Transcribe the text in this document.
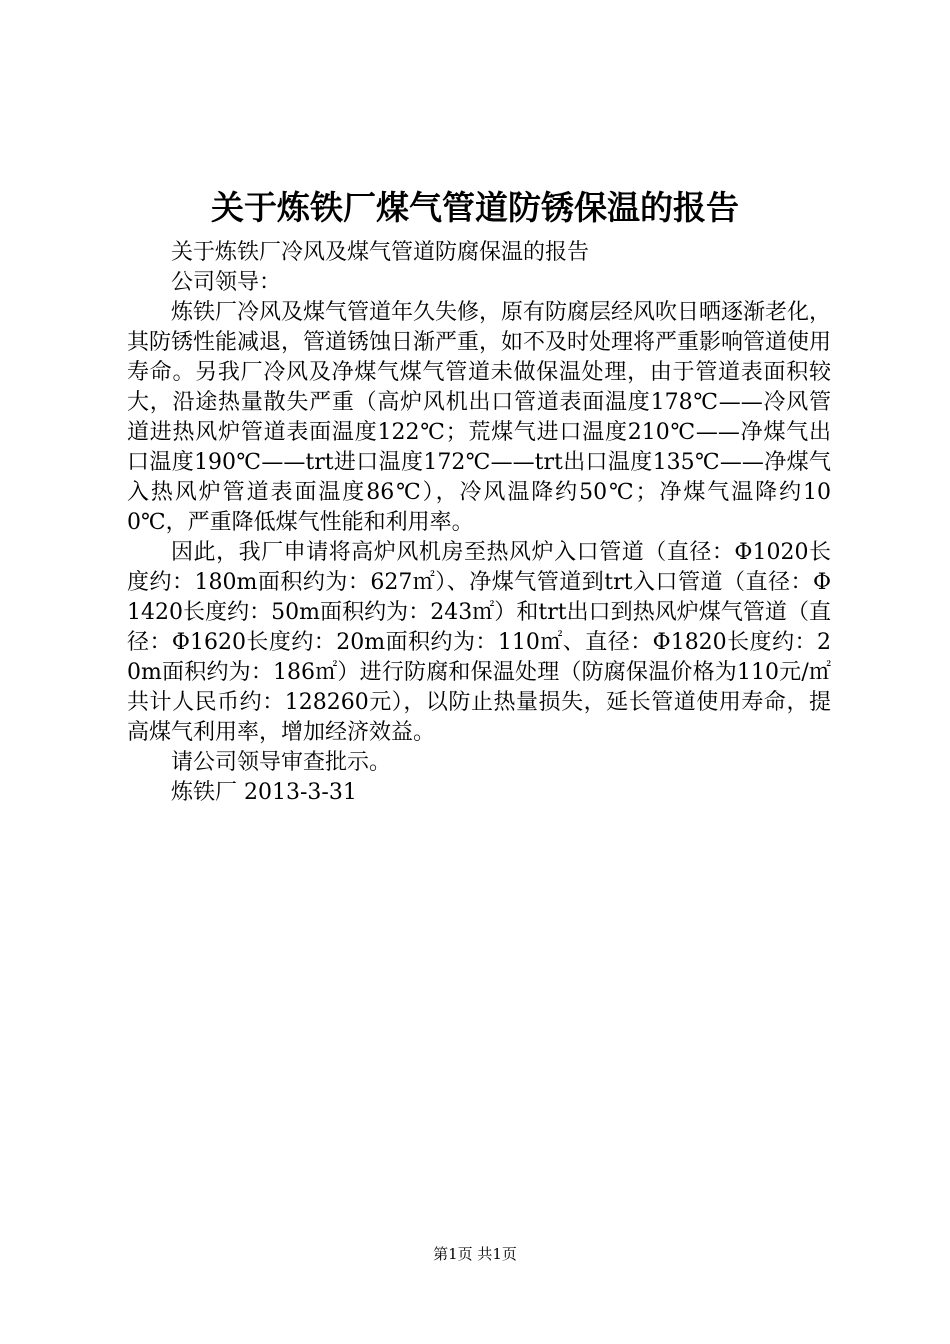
关于炼铁厂煤气管道防锈保温的报告

关于炼铁厂冷风及煤气管道防腐保温的报告

公司领导：

炼铁厂冷风及煤气管道年久失修，原有防腐层经风吹日晒逐渐老化，其防锈性能减退，管道锈蚀日渐严重，如不及时处理将严重影响管道使用寿命。另我厂冷风及净煤气煤气管道未做保温处理，由于管道表面积较大，沿途热量散失严重（高炉风机出口管道表面温度178℃——冷风管道进热风炉管道表面温度122℃；荒煤气进口温度210℃——净煤气出口温度190℃——trt进口温度172℃——trt出口温度135℃——净煤气入热风炉管道表面温度86℃），冷风温降约50℃；净煤气温降约100℃，严重降低煤气性能和利用率。

因此，我厂申请将高炉风机房至热风炉入口管道（直径：Φ1020长度约：180m面积约为：627㎡）、净煤气管道到trt入口管道（直径：Φ1420长度约：50m面积约为：243㎡）和trt出口到热风炉煤气管道（直径：Φ1620长度约：20m面积约为：110㎡、直径：Φ1820长度约：20m面积约为：186㎡）进行防腐和保温处理（防腐保温价格为110元/㎡共计人民币约：128260元），以防止热量损失，延长管道使用寿命，提高煤气利用率，增加经济效益。

请公司领导审查批示。

炼铁厂 2013-3-31

第1页 共1页
